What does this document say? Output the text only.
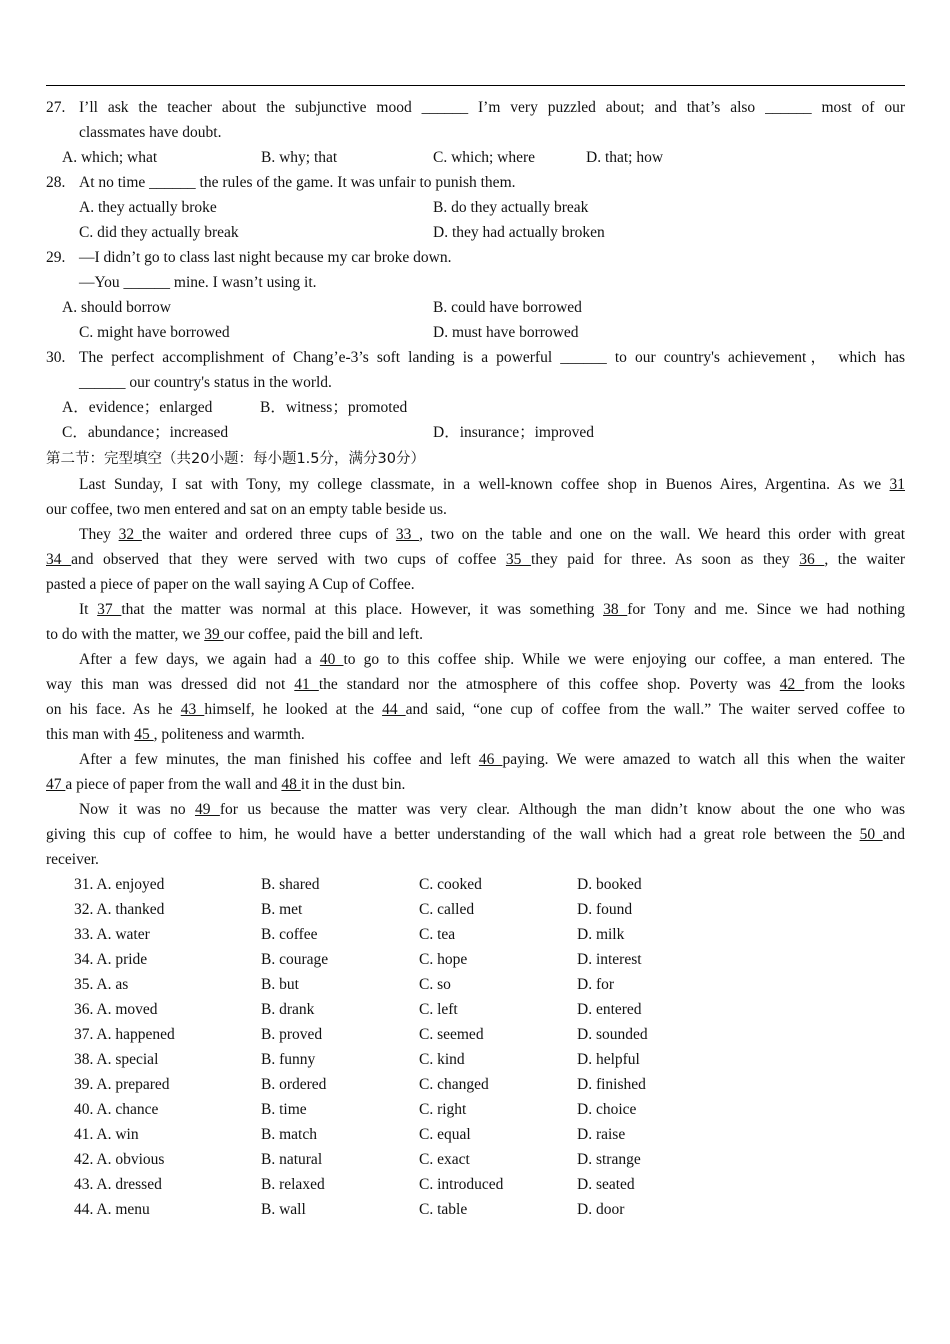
27. I’ll ask the teacher about the subjunctive mood ______ I’m very puzzled about; and that’s also ______ most of our
classmates have doubt.
A. which; what	B. why; that	C. which; where	D. that; how
28. At no time ______ the rules of the game. It was unfair to punish them.
A. they actually broke	B. do they actually break
C. did they actually break	D. they had actually broken
29. —I didn’t go to class last night because my car broke down.
—You ______ mine. I wasn’t using it.
A. should borrow	B. could have borrowed
C. might have borrowed	D. must have borrowed
30. The perfect accomplishment of Chang’e-3’s soft landing is a powerful ______ to our country's achievement， which has
______ our country's status in the world.
A．evidence；enlarged	B．witness；promoted
C．abundance；increased	D．insurance；improved
第二节：完型填空（共20小题：每小题1.5分，满分30分）
Last Sunday, I sat with Tony, my college classmate, in a well-known coffee shop in Buenos Aires, Argentina. As we 31
our coffee, two men entered and sat on an empty table beside us.
They 32 the waiter and ordered three cups of 33 , two on the table and one on the wall. We heard this order with great
34 and observed that they were served with two cups of coffee 35 they paid for three. As soon as they 36 , the waiter
pasted a piece of paper on the wall saying A Cup of Coffee.
It 37 that the matter was normal at this place. However, it was something 38 for Tony and me. Since we had nothing
to do with the matter, we 39 our coffee, paid the bill and left.
After a few days, we again had a 40 to go to this coffee ship. While we were enjoying our coffee, a man entered. The
way this man was dressed did not 41 the standard nor the atmosphere of this coffee shop. Poverty was 42 from the looks
on his face. As he 43 himself, he looked at the 44 and said, “one cup of coffee from the wall.” The waiter served coffee to
this man with 45 , politeness and warmth.
After a few minutes, the man finished his coffee and left 46 paying. We were amazed to watch all this when the waiter
47 a piece of paper from the wall and 48 it in the dust bin.
Now it was no 49 for us because the matter was very clear. Although the man didn’t know about the one who was
giving this cup of coffee to him, he would have a better understanding of the wall which had a great role between the 50 and
receiver.
31. A. enjoyed	B. shared	C. cooked	D. booked
32. A. thanked	B. met	C. called	D. found
33. A. water	B. coffee	C. tea	D. milk
34. A. pride	B. courage	C. hope	D. interest
35. A. as	B. but	C. so	D. for
36. A. moved	B. drank	C. left	D. entered
37. A. happened	B. proved	C. seemed	D. sounded
38. A. special	B. funny	C. kind	D. helpful
39. A. prepared	B. ordered	C. changed	D. finished
40. A. chance	B. time	C. right	D. choice
41. A. win	B. match	C. equal	D. raise
42. A. obvious	B. natural	C. exact	D. strange
43. A. dressed	B. relaxed	C. introduced	D. seated
44. A. menu	B. wall	C. table	D. door
